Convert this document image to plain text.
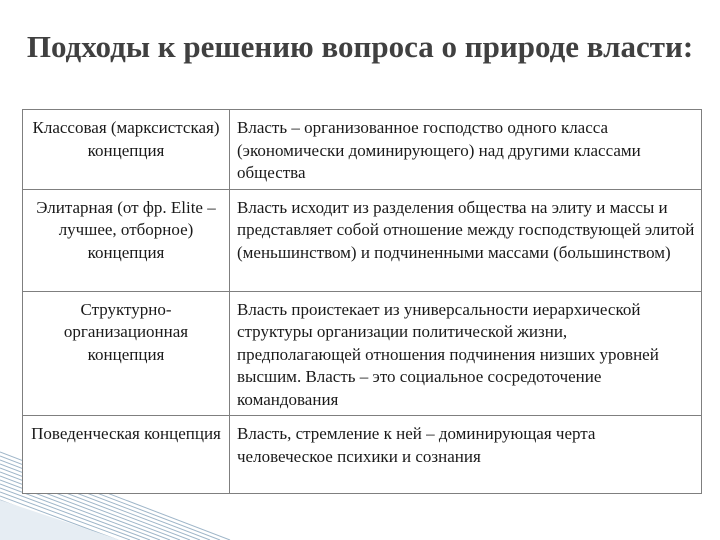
Подходы к решению вопроса о природе власти:
Классовая (марксистская) концепция	Власть – организованное господство одного класса (экономически доминирующего) над другими классами общества
Элитарная (от фр. Elite –лучшее, отборное) концепция	Власть исходит из разделения общества на элиту и массы и представляет собой отношение между господствующей элитой (меньшинством) и подчиненными массами (большинством)
Структурно-организационная концепция	Власть проистекает из универсальности иерархической структуры организации политической жизни, предполагающей отношения подчинения низших уровней высшим. Власть – это социальное сосредоточение командования
Поведенческая концепция	Власть, стремление к ней – доминирующая черта человеческое психики и сознания
